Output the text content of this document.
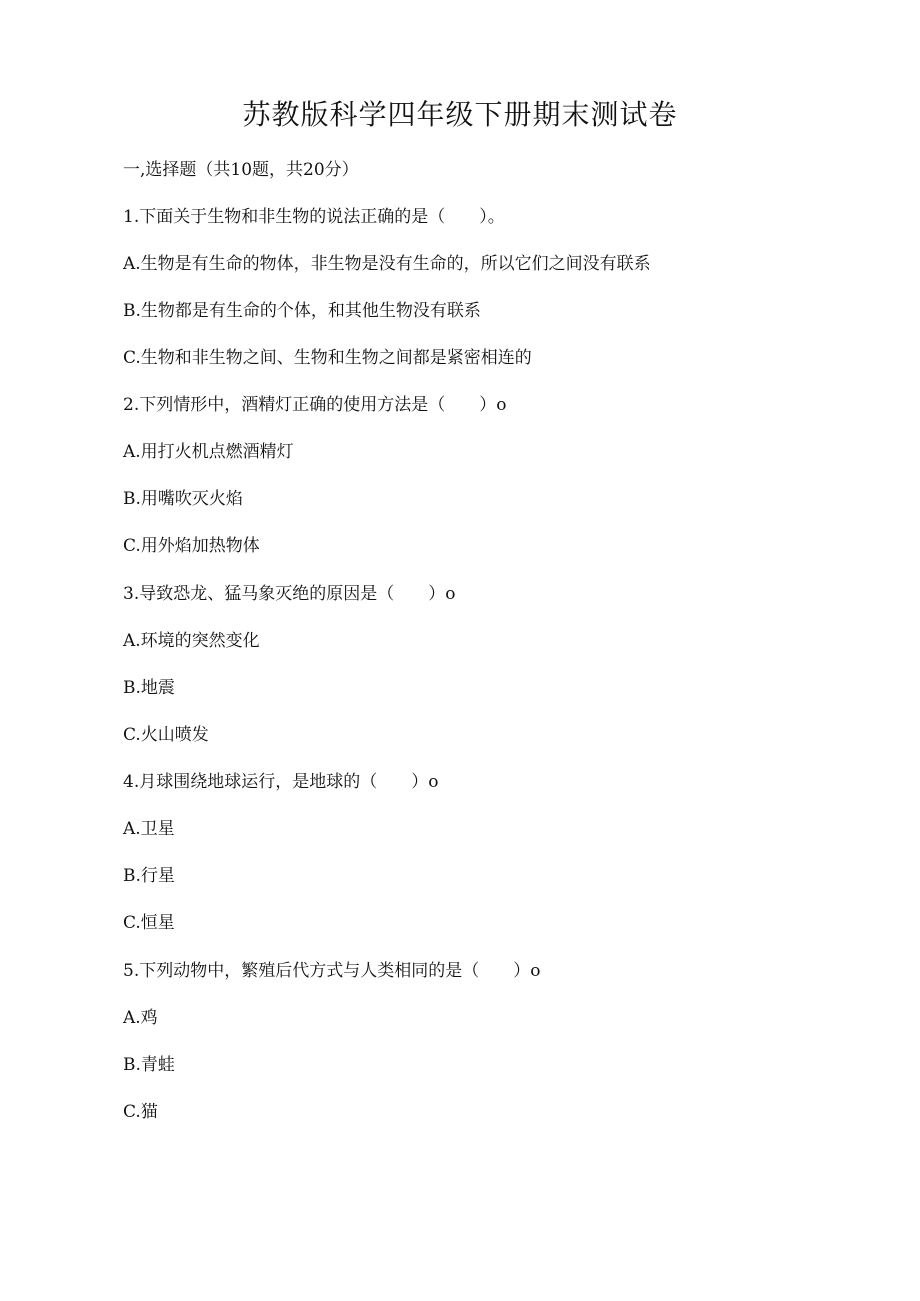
苏教版科学四年级下册期末测试卷
一,选择题（共10题，共20分）
1.下面关于生物和非生物的说法正确的是（　　）。
A.生物是有生命的物体，非生物是没有生命的，所以它们之间没有联系
B.生物都是有生命的个体，和其他生物没有联系
C.生物和非生物之间、生物和生物之间都是紧密相连的
2.下列情形中，酒精灯正确的使用方法是（　　）o
A.用打火机点燃酒精灯
B.用嘴吹灭火焰
C.用外焰加热物体
3.导致恐龙、猛马象灭绝的原因是（　　）o
A.环境的突然变化
B.地震
C.火山喷发
4.月球围绕地球运行，是地球的（　　）o
A.卫星
B.行星
C.恒星
5.下列动物中，繁殖后代方式与人类相同的是（　　）o
A.鸡
B.青蛙
C.猫
